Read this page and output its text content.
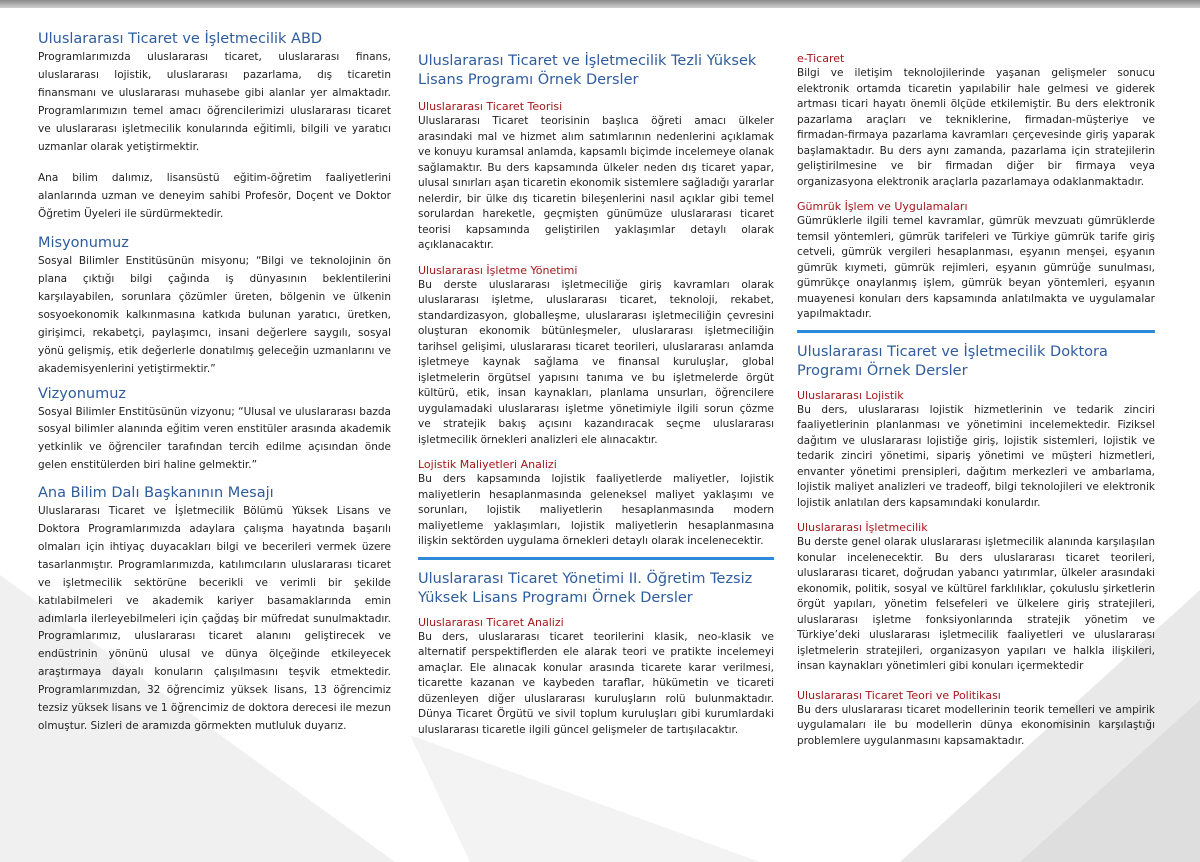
Uluslararası Ticaret ve İşletmecilik ABD

Programlarımızda uluslararası ticaret, uluslararası finans, uluslararası lojistik, uluslararası pazarlama, dış ticaretin finansmanı ve uluslararası muhasebe gibi alanlar yer almaktadır. Programlarımızın temel amacı öğrencilerimizi uluslararası ticaret ve uluslararası işletmecilik konularında eğitimli, bilgili ve yaratıcı uzmanlar olarak yetiştirmektir.

Ana bilim dalımız, lisansüstü eğitim-öğretim faaliyetlerini alanlarında uzman ve deneyim sahibi Profesör, Doçent ve Doktor Öğretim Üyeleri ile sürdürmektedir.

Misyonumuz

Sosyal Bilimler Enstitüsünün misyonu; “Bilgi ve teknolojinin ön plana çıktığı bilgi çağında iş dünyasının beklentilerini karşılayabilen, sorunlara çözümler üreten, bölgenin ve ülkenin sosyoekonomik kalkınmasına katkıda bulunan yaratıcı, üretken, girişimci, rekabetçi, paylaşımcı, insani değerlere saygılı, sosyal yönü gelişmiş, etik değerlerle donatılmış geleceğin uzmanlarını ve akademisyenlerini yetiştirmektir.”

Vizyonumuz

Sosyal Bilimler Enstitüsünün vizyonu; “Ulusal ve uluslararası bazda sosyal bilimler alanında eğitim veren enstitüler arasında akademik yetkinlik ve öğrenciler tarafından tercih edilme açısından önde gelen enstitülerden biri haline gelmektir.”

Ana Bilim Dalı Başkanının Mesajı

Uluslararası Ticaret ve İşletmecilik Bölümü Yüksek Lisans ve Doktora Programlarımızda adaylara çalışma hayatında başarılı olmaları için ihtiyaç duyacakları bilgi ve becerileri vermek üzere tasarlanmıştır. Programlarımızda, katılımcıların uluslararası ticaret ve işletmecilik sektörüne becerikli ve verimli bir şekilde katılabilmeleri ve akademik kariyer basamaklarında emin adımlarla ilerleyebilmeleri için çağdaş bir müfredat sunulmaktadır. Programlarımız, uluslararası ticaret alanını geliştirecek ve endüstrinin yönünü ulusal ve dünya ölçeğinde etkileyecek araştırmaya dayalı konuların çalışılmasını teşvik etmektedir. Programlarımızdan, 32 öğrencimiz yüksek lisans, 13 öğrencimiz tezsiz yüksek lisans ve 1 öğrencimiz de doktora derecesi ile mezun olmuştur. Sizleri de aramızda görmekten mutluluk duyarız.

Uluslararası Ticaret ve İşletmecilik Tezli Yüksek Lisans Programı Örnek Dersler
Uluslararası Ticaret Teorisi

Uluslararası Ticaret teorisinin başlıca öğreti amacı ülkeler arasındaki mal ve hizmet alım satımlarının nedenlerini açıklamak ve konuyu kuramsal anlamda, kapsamlı biçimde incelemeye olanak sağlamaktır. Bu ders kapsamında ülkeler neden dış ticaret yapar, ulusal sınırları aşan ticaretin ekonomik sistemlere sağladığı yararlar nelerdir, bir ülke dış ticaretin bileşenlerini nasıl açıklar gibi temel sorulardan hareketle, geçmişten günümüze uluslararası ticaret teorisi kapsamında geliştirilen yaklaşımlar detaylı olarak açıklanacaktır.

Uluslararası İşletme Yönetimi

Bu derste uluslararası işletmeciliğe giriş kavramları olarak uluslararası işletme, uluslararası ticaret, teknoloji, rekabet, standardizasyon, globalleşme, uluslararası işletmeciliğin çevresini oluşturan ekonomik bütünleşmeler, uluslararası işletmeciliğin tarihsel gelişimi, uluslararası ticaret teorileri, uluslararası anlamda işletmeye kaynak sağlama ve finansal kuruluşlar, global işletmelerin örgütsel yapısını tanıma ve bu işletmelerde örgüt kültürü, etik, insan kaynakları, planlama unsurları, öğrencilere uygulamadaki uluslararası işletme yönetimiyle ilgili sorun çözme ve stratejik bakış açısını kazandıracak seçme uluslararası işletmecilik örnekleri analizleri ele alınacaktır.

Lojistik Maliyetleri Analizi

Bu ders kapsamında lojistik faaliyetlerde maliyetler, lojistik maliyetlerin hesaplanmasında geleneksel maliyet yaklaşımı ve sorunları, lojistik maliyetlerin hesaplanmasında modern maliyetleme yaklaşımları, lojistik maliyetlerin hesaplanmasına ilişkin sektörden uygulama örnekleri detaylı olarak incelenecektir.

Uluslararası Ticaret Yönetimi II. Öğretim Tezsiz Yüksek Lisans Programı Örnek Dersler
Uluslararası Ticaret Analizi

Bu ders, uluslararası ticaret teorilerini klasik, neo-klasik ve alternatif perspektiflerden ele alarak teori ve pratikte incelemeyi amaçlar. Ele alınacak konular arasında ticarete karar verilmesi, ticarette kazanan ve kaybeden taraflar, hükümetin ve ticareti düzenleyen diğer uluslararası kuruluşların rolü bulunmaktadır. Dünya Ticaret Örgütü ve sivil toplum kuruluşları gibi kurumlardaki uluslararası ticaretle ilgili güncel gelişmeler de tartışılacaktır.

e-Ticaret

Bilgi ve iletişim teknolojilerinde yaşanan gelişmeler sonucu elektronik ortamda ticaretin yapılabilir hale gelmesi ve giderek artması ticari hayatı önemli ölçüde etkilemiştir. Bu ders elektronik pazarlama araçları ve tekniklerine, firmadan-müşteriye ve firmadan-firmaya pazarlama kavramları çerçevesinde giriş yaparak başlamaktadır. Bu ders aynı zamanda, pazarlama için stratejilerin geliştirilmesine ve bir firmadan diğer bir firmaya veya organizasyona elektronik araçlarla pazarlamaya odaklanmaktadır.

Gümrük İşlem ve Uygulamaları

Gümrüklerle ilgili temel kavramlar, gümrük mevzuatı gümrüklerde temsil yöntemleri, gümrük tarifeleri ve Türkiye gümrük tarife giriş cetveli, gümrük vergileri hesaplanması, eşyanın menşei, eşyanın gümrük kıymeti, gümrük rejimleri, eşyanın gümrüğe sunulması, gümrükçe onaylanmış işlem, gümrük beyan yöntemleri, eşyanın muayenesi konuları ders kapsamında anlatılmakta ve uygulamalar yapılmaktadır.

Uluslararası Ticaret ve İşletmecilik Doktora Programı Örnek Dersler
Uluslararası Lojistik

Bu ders, uluslararası lojistik hizmetlerinin ve tedarik zinciri faaliyetlerinin planlanması ve yönetimini incelemektedir. Fiziksel dağıtım ve uluslararası lojistiğe giriş, lojistik sistemleri, lojistik ve tedarik zinciri yönetimi, sipariş yönetimi ve müşteri hizmetleri, envanter yönetimi prensipleri, dağıtım merkezleri ve ambarlama, lojistik maliyet analizleri ve tradeoff, bilgi teknolojileri ve elektronik lojistik anlatılan ders kapsamındaki konulardır.

Uluslararası İşletmecilik

Bu derste genel olarak uluslararası işletmecilik alanında karşılaşılan konular incelenecektir. Bu ders uluslararası ticaret teorileri, uluslararası ticaret, doğrudan yabancı yatırımlar, ülkeler arasındaki ekonomik, politik, sosyal ve kültürel farklılıklar, çokuluslu şirketlerin örgüt yapıları, yönetim felsefeleri ve ülkelere giriş stratejileri, uluslararası işletme fonksiyonlarında stratejik yönetim ve Türkiye’deki uluslararası işletmecilik faaliyetleri ve uluslararası işletmelerin stratejileri, organizasyon yapıları ve halkla ilişkileri, insan kaynakları yönetimleri gibi konuları içermektedir

Uluslararası Ticaret Teori ve Politikası

Bu ders uluslararası ticaret modellerinin teorik temelleri ve ampirik uygulamaları ile bu modellerin dünya ekonomisinin karşılaştığı problemlere uygulanmasını kapsamaktadır.
